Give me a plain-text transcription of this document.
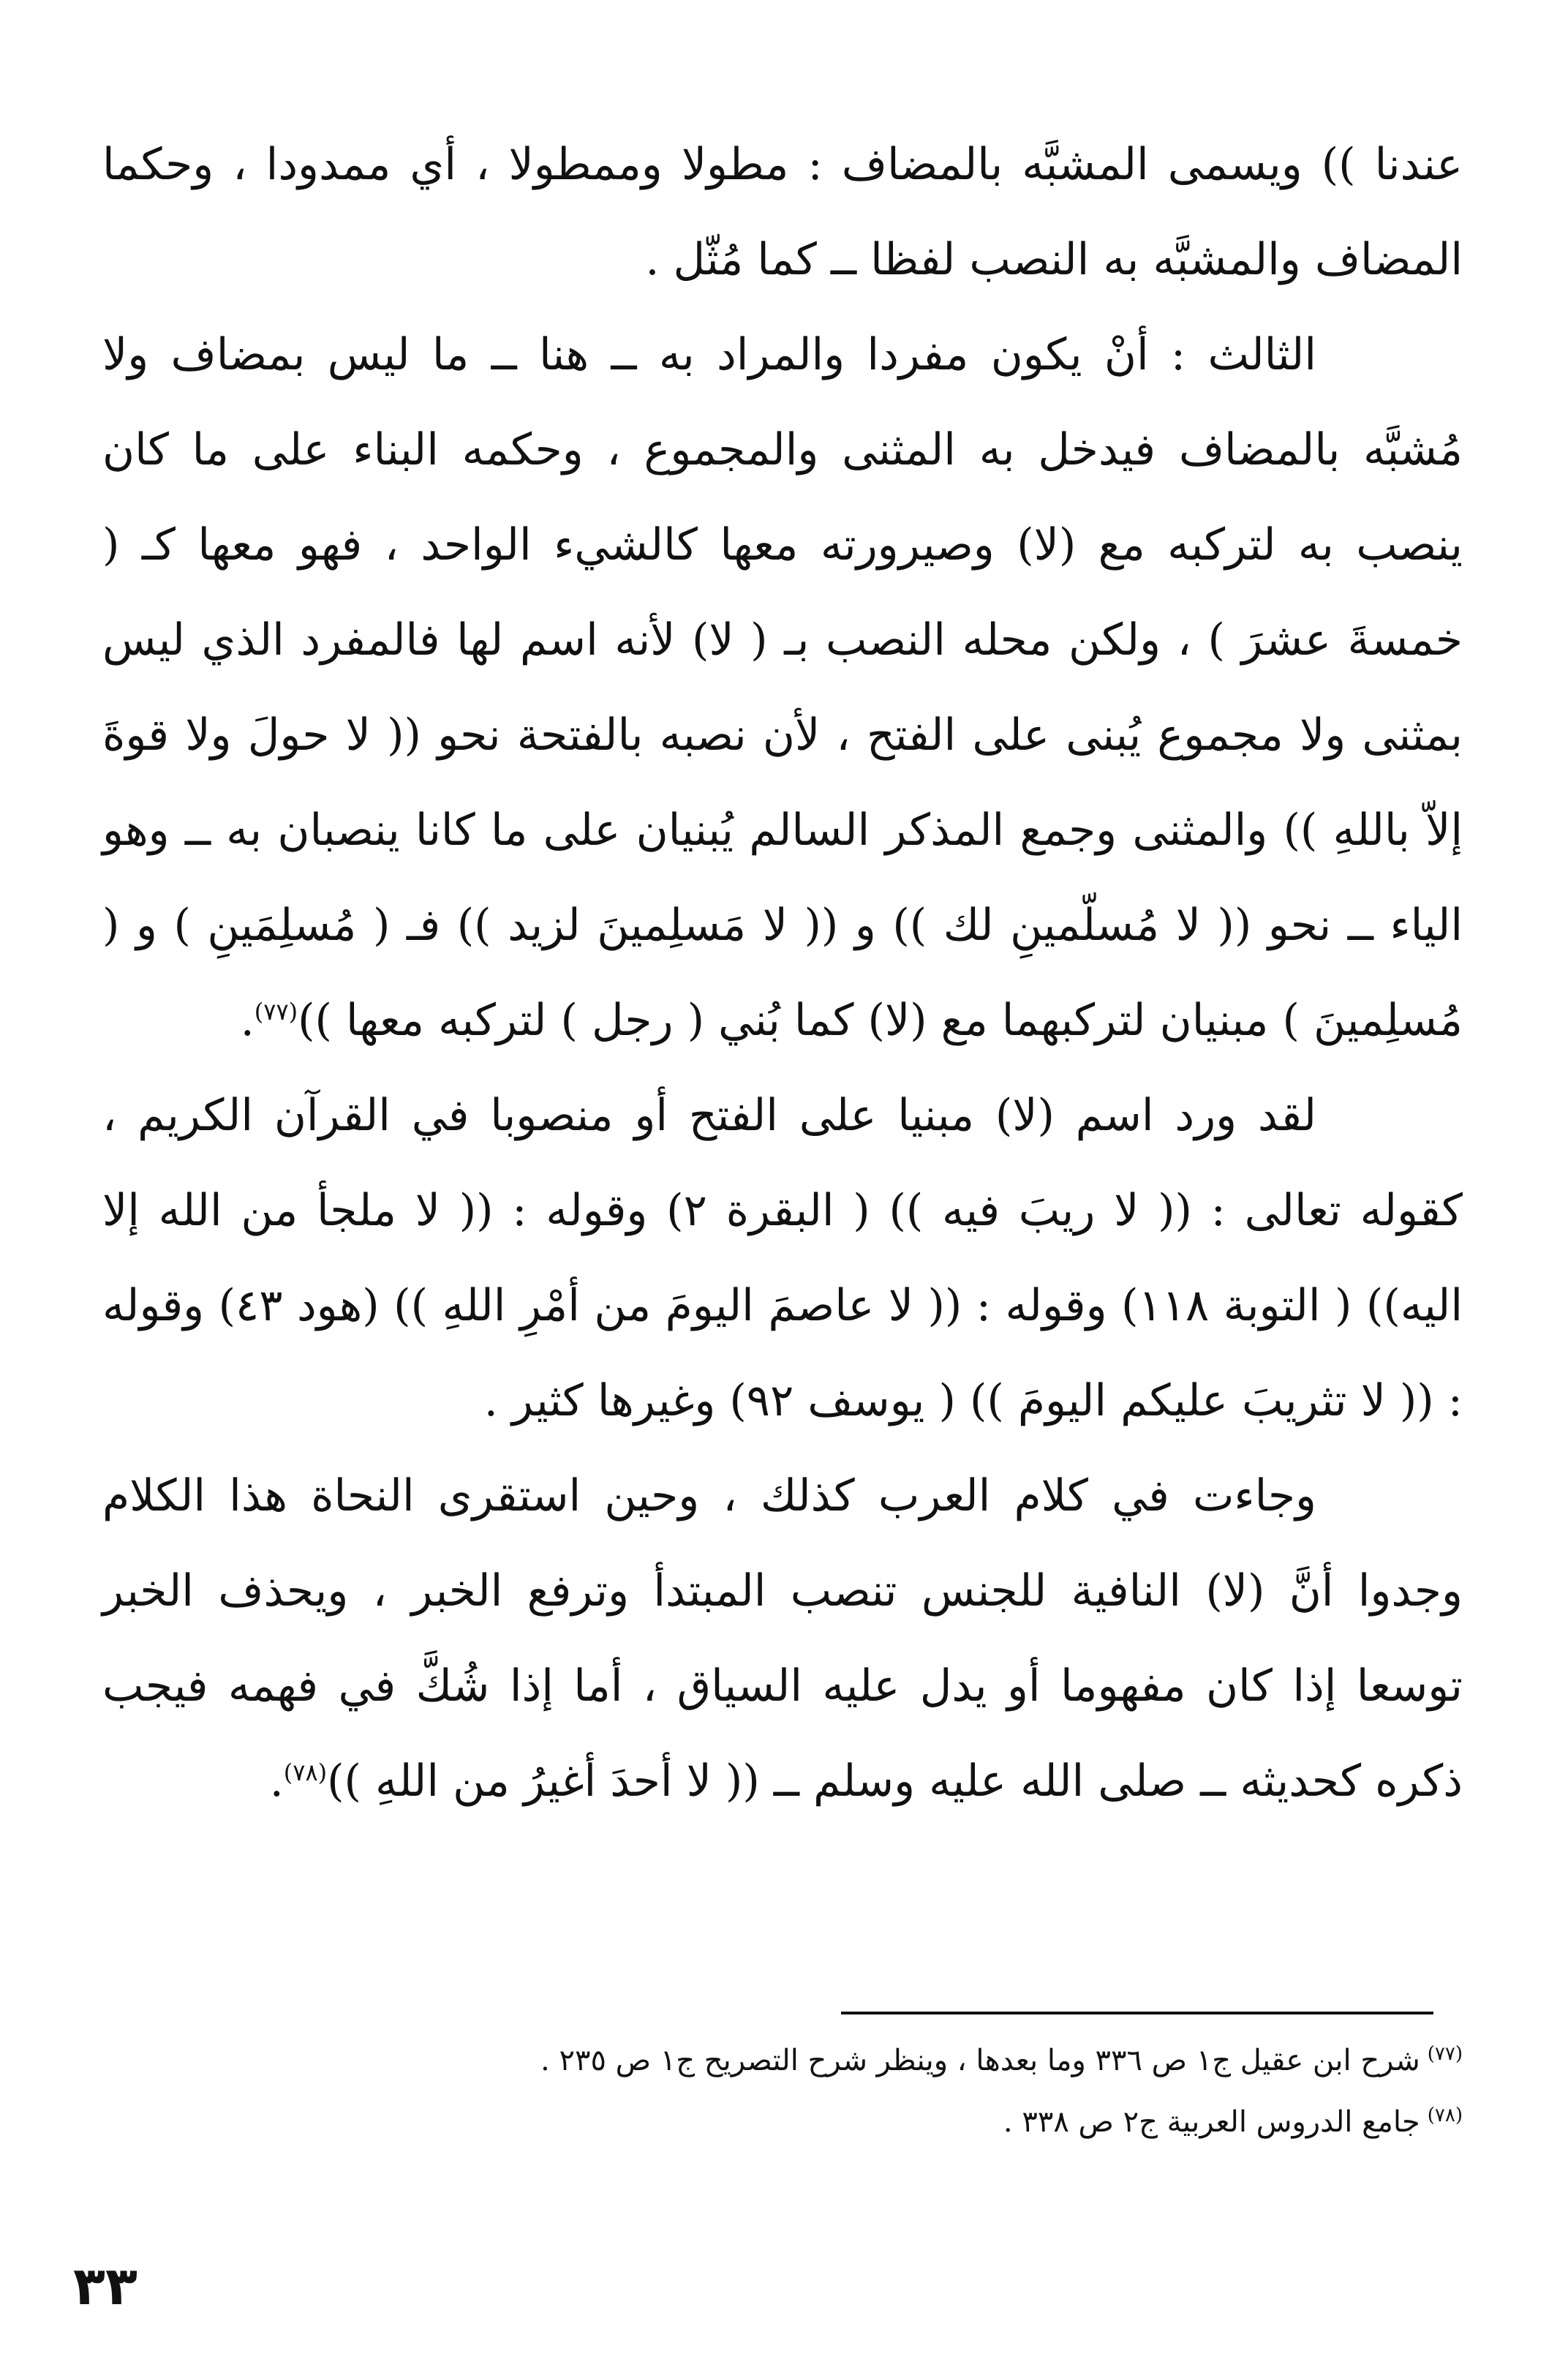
عندنا )) ويسمى المشبَّه بالمضاف : مطولا وممطولا ، أي ممدودا ، وحكما المضاف والمشبَّه به النصب لفظا ــ كما مُثّل .

الثالث : أنْ يكون مفردا والمراد به ــ هنا ــ ما ليس بمضاف ولا مُشبَّه بالمضاف فيدخل به المثنى والمجموع ، وحكمه البناء على ما كان ينصب به لتركبه مع (لا) وصيرورته معها كالشيء الواحد ، فهو معها كـ ( خمسةَ عشرَ ) ، ولكن محله النصب بـ ( لا) لأنه اسم لها فالمفرد الذي ليس بمثنى ولا مجموع يُبنى على الفتح ، لأن نصبه بالفتحة نحو (( لا حولَ ولا قوةَ إلاّ باللهِ )) والمثنى وجمع المذكر السالم يُبنيان على ما كانا ينصبان به ــ وهو الياء ــ نحو (( لا مُسلّمينِ لك )) و (( لا مَسلِمينَ لزيد )) فـ ( مُسلِمَينِ ) و ( مُسلِمينَ ) مبنيان لتركبهما مع (لا) كما بُني ( رجل ) لتركبه معها ))$^{(٧٧)}$.

لقد ورد اسم (لا) مبنيا على الفتح أو منصوبا في القرآن الكريم ، كقوله تعالى : (( لا ريبَ فيه )) ( البقرة ٢) وقوله : (( لا ملجأ من الله إلا اليه)) ( التوبة ١١٨) وقوله : (( لا عاصمَ اليومَ من أمْرِ اللهِ )) (هود ٤٣) وقوله : (( لا تثريبَ عليكم اليومَ )) ( يوسف ٩٢) وغيرها كثير .

وجاءت في كلام العرب كذلك ، وحين استقرى النحاة هذا الكلام وجدوا أنَّ (لا) النافية للجنس تنصب المبتدأ وترفع الخبر ، ويحذف الخبر توسعا إذا كان مفهوما أو يدل عليه السياق ، أما إذا شُكَّ في فهمه فيجب ذكره كحديثه ــ صلى الله عليه وسلم ــ (( لا أحدَ أغيرُ من اللهِ ))$^{(٧٨)}$.

$^{(٧٧)}$شرح ابن عقيل ج١ ص ٣٣٦ وما بعدها ، وينظر شرح التصريح ج١ ص ٢٣٥ .

$^{(٧٨)}$جامع الدروس العربية ج٢ ص ٣٣٨ .

٣٣
